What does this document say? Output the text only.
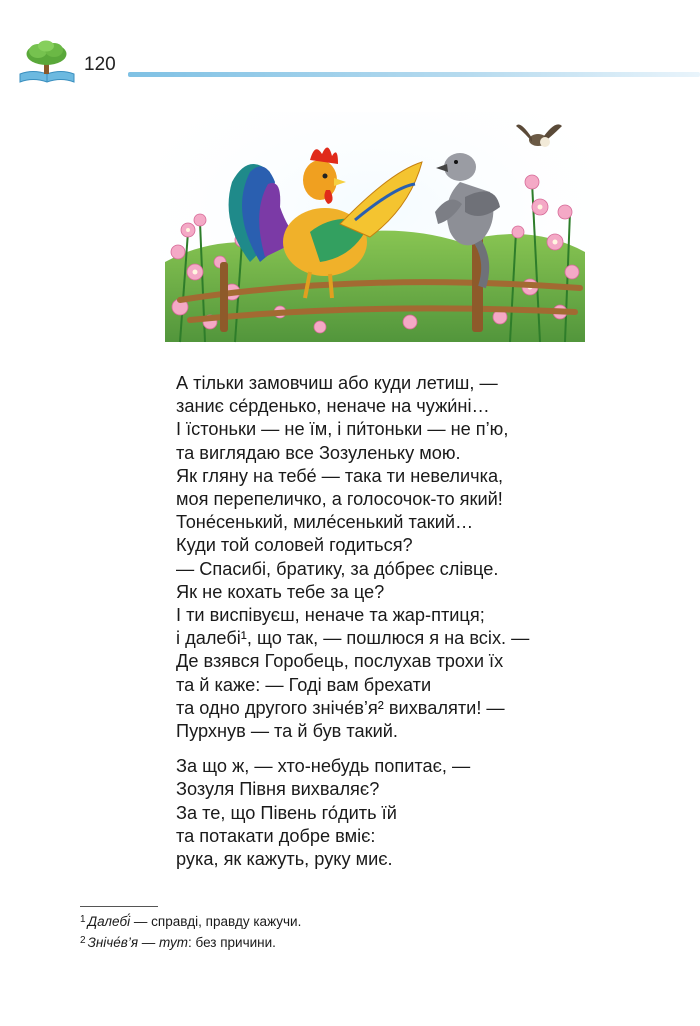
120
А тільки замовчиш або куди летиш, —
заниє се́рденько, неначе на чужи́ні…
І їстоньки — не їм, і пи́тоньки — не п’ю,
та виглядаю все Зозуленьку мою.
Як гляну на тебе́ — така ти невеличка,
моя перепеличко, а голосочок-то який!
Тоне́сенький, миле́сенький такий…
Куди той соловей годиться?
— Спасибі, братику, за до́бреє слівце.
Як не кохать тебе за це?
І ти виспівуєш, неначе та жар-птиця;
і далебі¹, що так, — пошлюся я на всіх. —
Де взявся Горобець, послухав трохи їх
та й каже: — Годі вам брехати
та одно другого зніче́в’я² вихваляти! —
Пурхнув — та й був такий.
За що ж, — хто-небудь попитає, —
Зозуля Півня вихваляє?
За те, що Півень го́дить їй
та потакати добре вміє:
рука, як кажуть, руку миє.
$^1$ Далебі́ — справді, правду кажучи.
$^2$ Зніче́в’я — тут: без причини.
